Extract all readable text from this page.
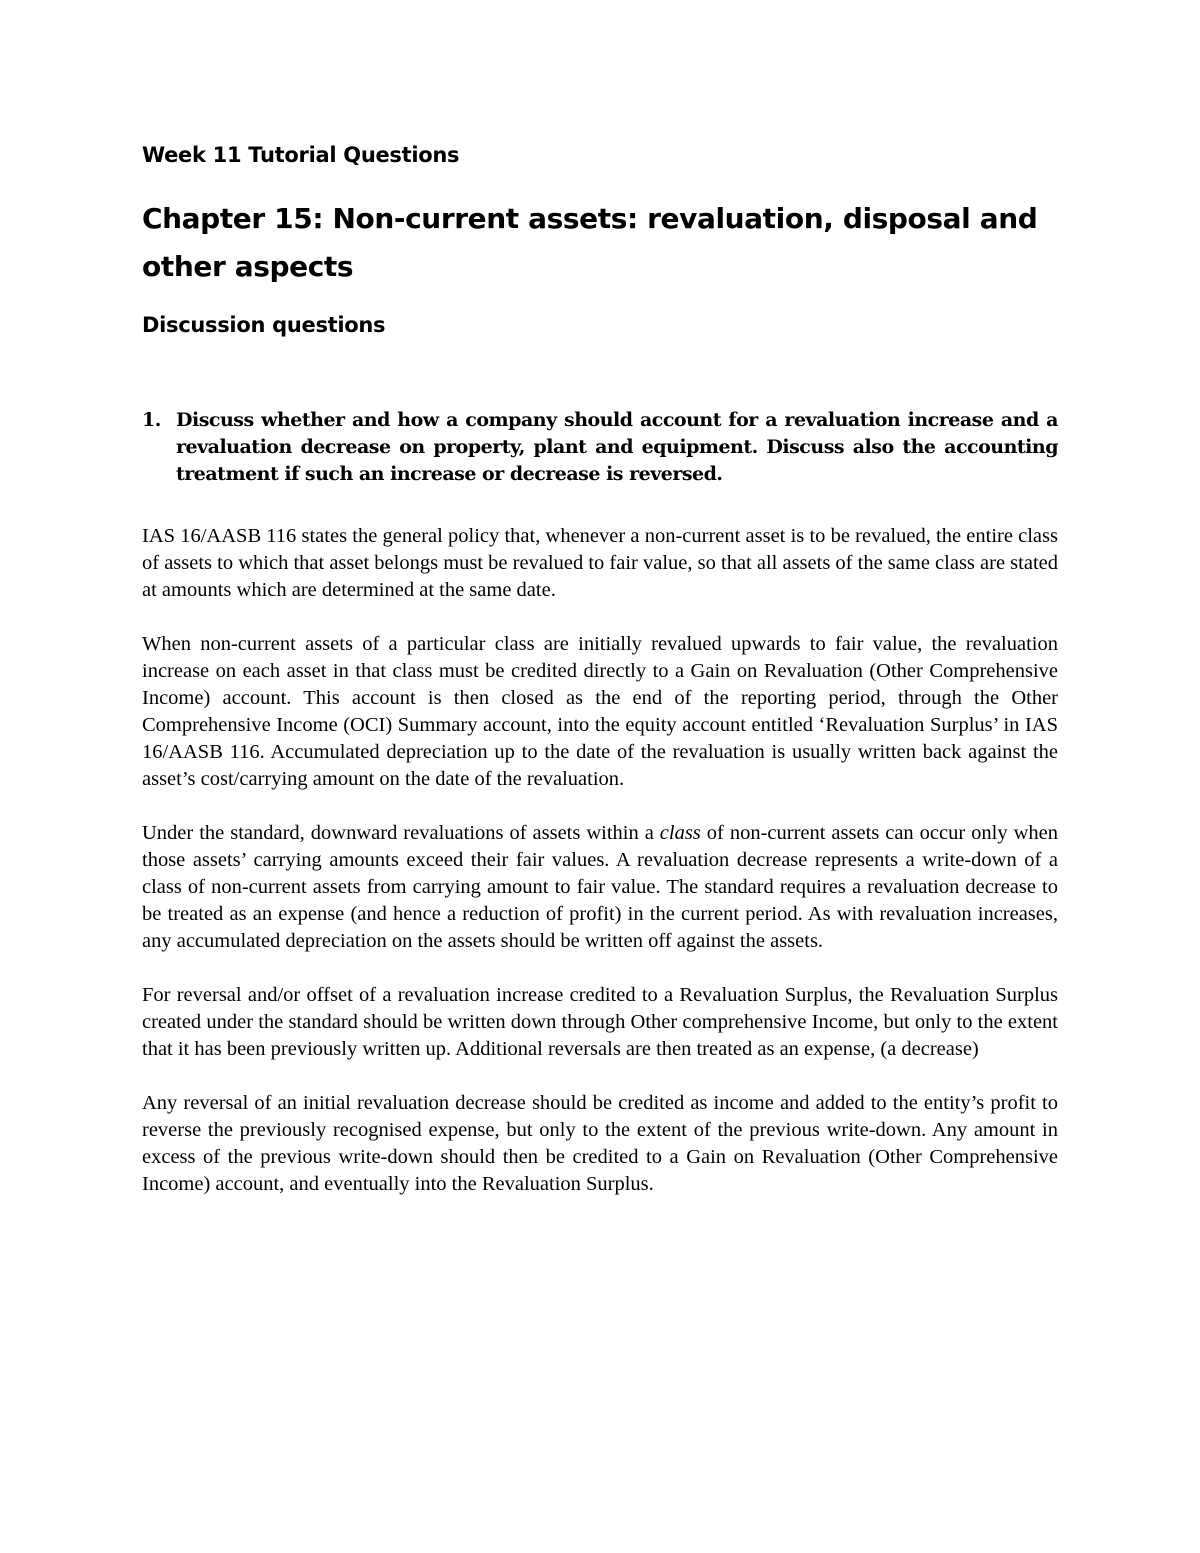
Week 11 Tutorial Questions
Chapter 15: Non-current assets: revaluation, disposal and other aspects
Discussion questions
1. Discuss whether and how a company should account for a revaluation increase and a revaluation decrease on property, plant and equipment. Discuss also the accounting treatment if such an increase or decrease is reversed.

IAS 16/AASB 116 states the general policy that, whenever a non-current asset is to be revalued, the entire class of assets to which that asset belongs must be revalued to fair value, so that all assets of the same class are stated at amounts which are determined at the same date.

When non-current assets of a particular class are initially revalued upwards to fair value, the revaluation increase on each asset in that class must be credited directly to a Gain on Revaluation (Other Comprehensive Income) account. This account is then closed as the end of the reporting period, through the Other Comprehensive Income (OCI) Summary account, into the equity account entitled ‘Revaluation Surplus’ in IAS 16/AASB 116. Accumulated depreciation up to the date of the revaluation is usually written back against the asset’s cost/carrying amount on the date of the revaluation.

Under the standard, downward revaluations of assets within a class of non-current assets can occur only when those assets’ carrying amounts exceed their fair values. A revaluation decrease represents a write-down of a class of non-current assets from carrying amount to fair value. The standard requires a revaluation decrease to be treated as an expense (and hence a reduction of profit) in the current period. As with revaluation increases, any accumulated depreciation on the assets should be written off against the assets.

For reversal and/or offset of a revaluation increase credited to a Revaluation Surplus, the Revaluation Surplus created under the standard should be written down through Other comprehensive Income, but only to the extent that it has been previously written up. Additional reversals are then treated as an expense, (a decrease)

Any reversal of an initial revaluation decrease should be credited as income and added to the entity’s profit to reverse the previously recognised expense, but only to the extent of the previous write-down. Any amount in excess of the previous write-down should then be credited to a Gain on Revaluation (Other Comprehensive Income) account, and eventually into the Revaluation Surplus.
